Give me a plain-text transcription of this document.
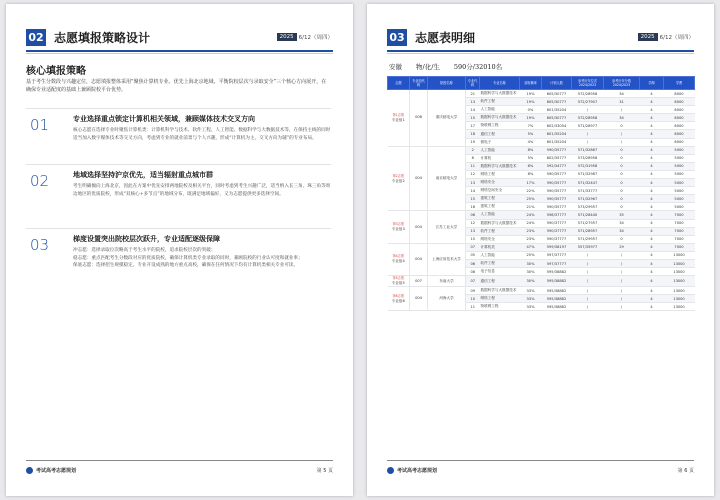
02 志愿填报策略设计	2025 6/12（周四）
核心填报策略
基于考生分数段与兴趣定位，志愿填报整体采用“聚焦计算机专业、优先上海北京地域、平衡院校层次与录取安全”三个核心方向展开，在确保专业适配度的基础上兼顾院校平台优势。
01	专业选择重点锁定计算机相关领域，兼顾媒体技术交叉方向
核心志愿在选择专业时聚焦计算机类：计算机科学与技术、软件工程、人工智能、数据科学与大数据技术等，在保持主线的同时适当加入数字媒体技术等交叉方向，考虑到专业的就业前景与个人兴趣，形成“计算机为主、交叉方向为辅”的专业布局。
02	地域选择坚持沪京优先，适当辐射重点城市群
考生明确倾向上海北京，因此在方案中优先安排两地院校及相关平台，同时考虑到考生兴趣广泛，适当纳入长三角、珠三角等周边地区的优质院校，形成“双核心+多节点”的地域分布，既满足地域偏好，又为志愿提供更多选择空间。
03	梯度设置突出院校层次跃升，专业适配逐级保障
冲志愿：选择录取位次略高于考生水平的院校，追求院校层次的突破；
稳志愿：重点匹配考生分数段对应的优质院校，确保计算机类专业录取的同时，兼顾院校的行业认可度和就业率；
保底志愿：选择招生规模稳定、专业开设成熟的地方重点高校，确保在任何情况下均有计算机类相关专业可读。
考试高考志愿规划	第 5 页
03 志愿表明细	2025 6/12（周四）
安徽 物/化/生 590分/32010名
志愿	专业组代码	院校名称	专业代码	专业名称	录取概率	计划人数	参考历年位次
2024/2023	参考历年分数
2024/2023	学制	学费

第1志愿
专业组1	008	重庆邮电大学	21	数据科学与大数据技术	19%	605/30777	572/28958	34	4	8000
			13	软件工程	19%	605/30777	572/27907	31	4	6000
			14	人工智能	0%	601/35204	/	/	4	6000
			15	数据科学与大数据技术	19%	605/30777	572/28958	34	4	6000
			17	物联网工程	7%	602/33054	571/28977	0	4	6000
			18	通信工程	5%	601/35204	/	/	4	6000
			19	微电子	4%	601/35204	/	/	4	6000

第2志愿
专业组2	004	南京邮电大学	2	人工智能	8%	590/35777	571/32867	0	4	5000
			8	计算机	5%	602/35777	573/28958	0	4	5000
			11	数据科学与大数据技术	6%	592/34777	572/31958	0	4	5000
			12	网络工程	8%	590/35777	571/32987	0	4	5000
			13	网络安全	17%	590/35777	571/32447	0	4	5000
			14	网络空间安全	22%	590/35777	571/33777	0	4	5000
			15	建筑工程	25%	590/35777	571/32967	0	4	5000
			16	建筑工程	21%	590/35777	573/29957	0	4	5000

第3志愿
专业组3	004	江苏工业大学	06	人工智能	24%	598/37777	571/28440	35	4	7000
			12	数据科学与大数据技术	24%	590/37777	571/27957	34	4	7000
			13	软件工程	23%	590/37777	571/28957	34	4	7000
			15	网络安全	23%	590/37777	571/29957	0	4	7000

第4志愿
专业组4	004	上海应用技术大学	07	计算机类	47%	599/38197	557/35977	29	4	7000
			05	人工智能	25%	597/37777	/	/	4	13000
			06	软件工程	30%	597/37777	/	/	4	13000
			08	电子信息	30%	595/38882	/	/	4	13000

第5志愿
专业组5	007	东南大学	07	通信工程	30%	595/38882	/	/	4	13000

第6志愿
专业组6	004	河海大学	09	数据科学与大数据技术	33%	595/38882	/	/	4	13000
			10	网络工程	33%	595/38882	/	/	4	13000
			11	物联网工程	33%	595/38882	/	/	4	13000
考试高考志愿规划	第 6 页
